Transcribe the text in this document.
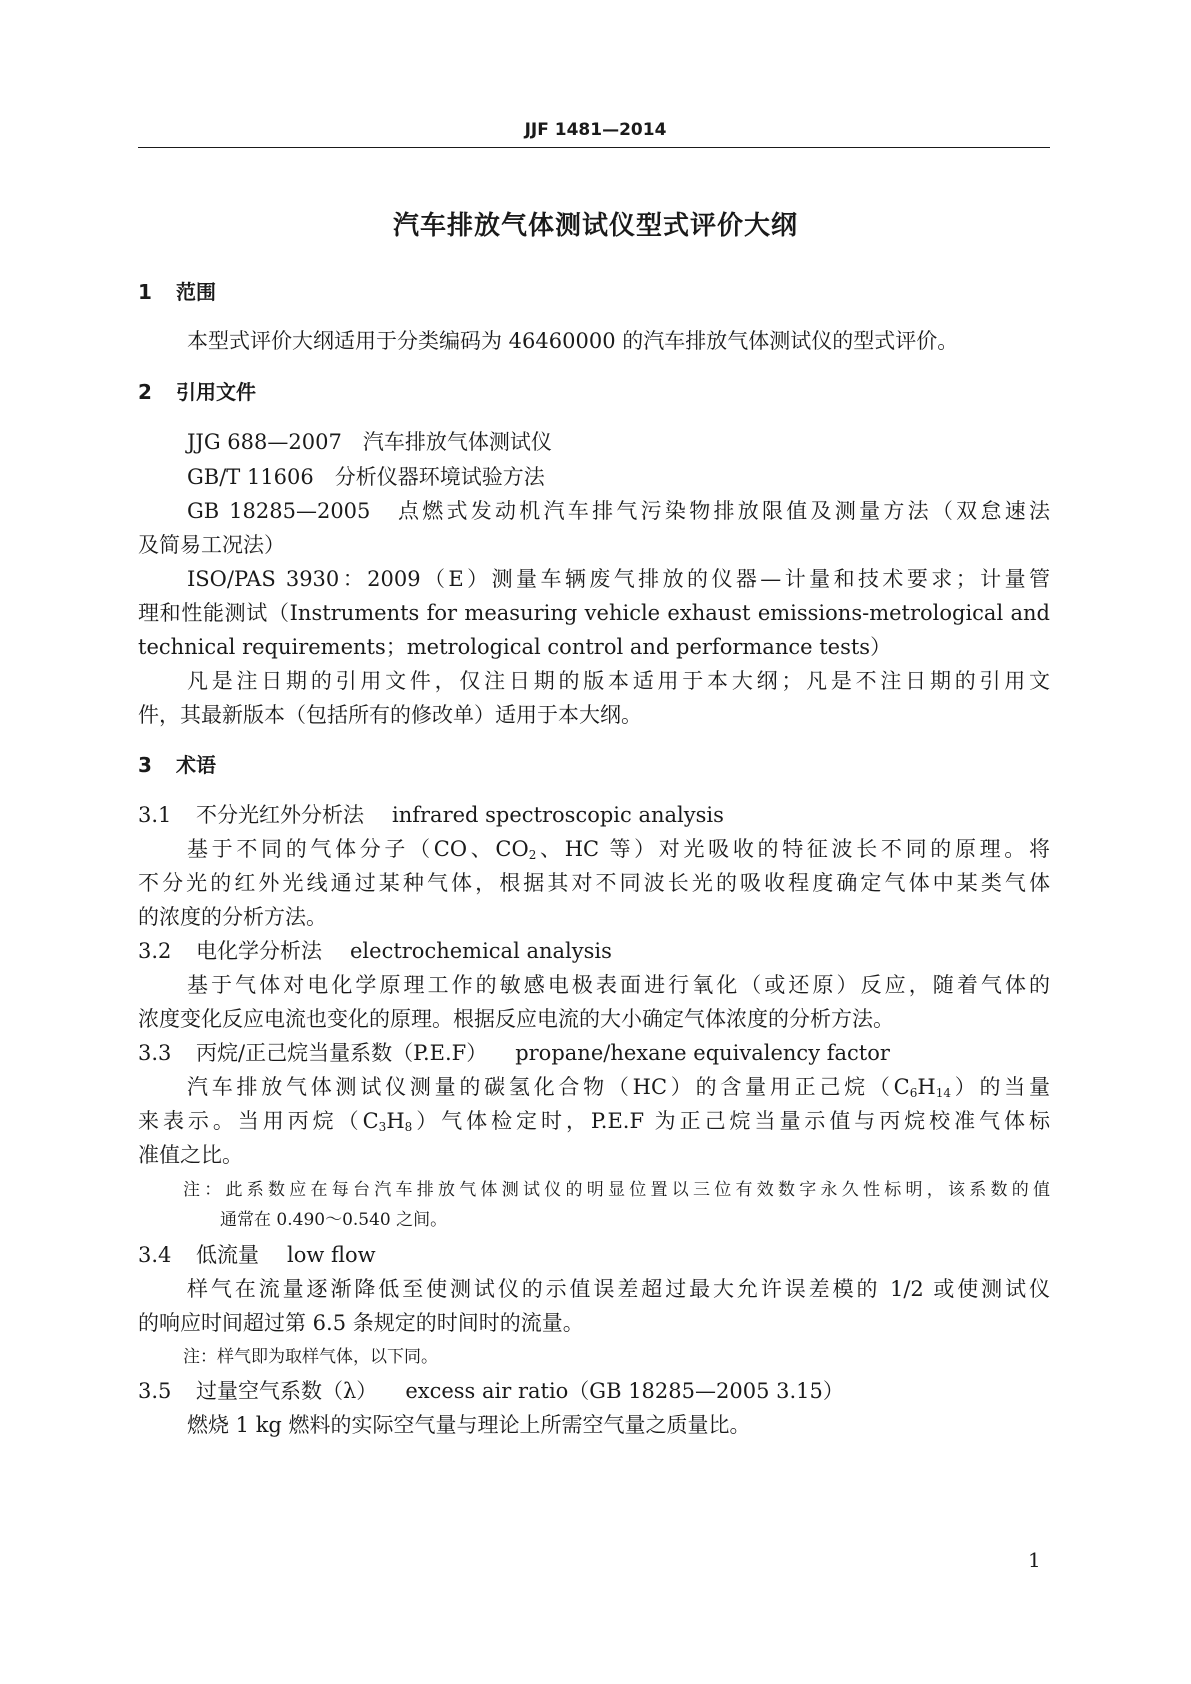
JJF 1481—2014
汽车排放气体测试仪型式评价大纲
1 范围
本型式评价大纲适用于分类编码为 46460000 的汽车排放气体测试仪的型式评价。
2 引用文件
JJG 688—2007　汽车排放气体测试仪
GB/T 11606　分析仪器环境试验方法
GB 18285—2005　点燃式发动机汽车排气污染物排放限值及测量方法（双怠速法
及简易工况法）
ISO/PAS 3930：2009（E）测量车辆废气排放的仪器—计量和技术要求；计量管
理和性能测试（Instruments for measuring vehicle exhaust emissions-metrological and
technical requirements；metrological control and performance tests）
凡是注日期的引用文件，仅注日期的版本适用于本大纲；凡是不注日期的引用文
件，其最新版本（包括所有的修改单）适用于本大纲。
3 术语
3.1 不分光红外分析法 infrared spectroscopic analysis
基于不同的气体分子（CO、$CO_2$、HC 等）对光吸收的特征波长不同的原理。将
不分光的红外光线通过某种气体，根据其对不同波长光的吸收程度确定气体中某类气体
的浓度的分析方法。
3.2 电化学分析法 electrochemical analysis
基于气体对电化学原理工作的敏感电极表面进行氧化（或还原）反应，随着气体的
浓度变化反应电流也变化的原理。根据反应电流的大小确定气体浓度的分析方法。
3.3 丙烷/正己烷当量系数（P.E.F） propane/hexane equivalency factor
汽车排放气体测试仪测量的碳氢化合物（HC）的含量用正己烷$(C_6H_{14})$的当量
来表示。当用丙烷$(C_3H_8)$气体检定时，P.E.F 为正己烷当量示值与丙烷校准气体标
准值之比。
注：此系数应在每台汽车排放气体测试仪的明显位置以三位有效数字永久性标明，该系数的值
通常在 0.490～0.540 之间。
3.4 低流量 low flow
样气在流量逐渐降低至使测试仪的示值误差超过最大允许误差模的 1/2 或使测试仪
的响应时间超过第 6.5 条规定的时间时的流量。
注：样气即为取样气体，以下同。
3.5 过量空气系数（λ） excess air ratio（GB 18285—2005 3.15）
燃烧 1 kg 燃料的实际空气量与理论上所需空气量之质量比。
1
